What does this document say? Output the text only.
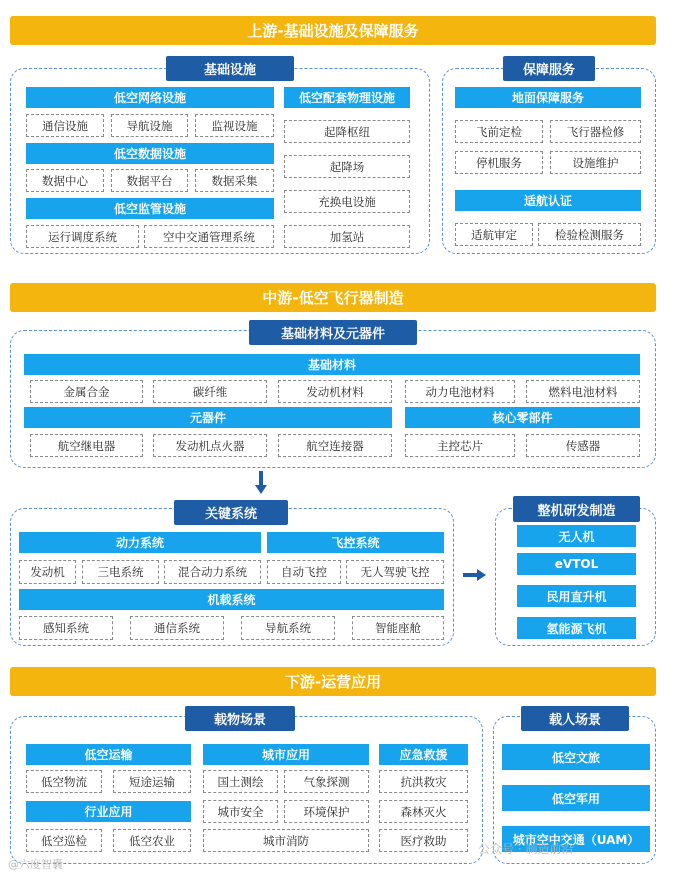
上游-基础设施及保障服务
基础设施
低空网络设施
通信设施	导航设施	监视设施
低空数据设施
数据中心	数据平台	数据采集
低空监管设施
运行调度系统	空中交通管理系统
低空配套物理设施
起降枢纽
起降场
充换电设施
加氢站
保障服务
地面保障服务
飞前定检	飞行器检修
停机服务	设施维护
适航认证
适航审定	检验检测服务
中游-低空飞行器制造
基础材料及元器件
基础材料
金属合金	碳纤维	发动机材料	动力电池材料	燃料电池材料
元器件	核心零部件
航空继电器	发动机点火器	航空连接器	主控芯片	传感器
关键系统
动力系统	飞控系统
发动机	三电系统	混合动力系统	自动飞控	无人驾驶飞控
机载系统
感知系统	通信系统	导航系统	智能座舱
整机研发制造
无人机
eVTOL
民用直升机
氢能源飞机
下游-运营应用
载物场景
低空运输
低空物流	短途运输
行业应用
低空巡检	低空农业
城市应用
国土测绘	气象探测
城市安全	环境保护
城市消防
应急救援
抗洪救灾
森林灭火
医疗救助
载人场景
低空文旅
低空军用
城市空中交通（UAM）
公众号 · 制造前沿
@六度智囊
